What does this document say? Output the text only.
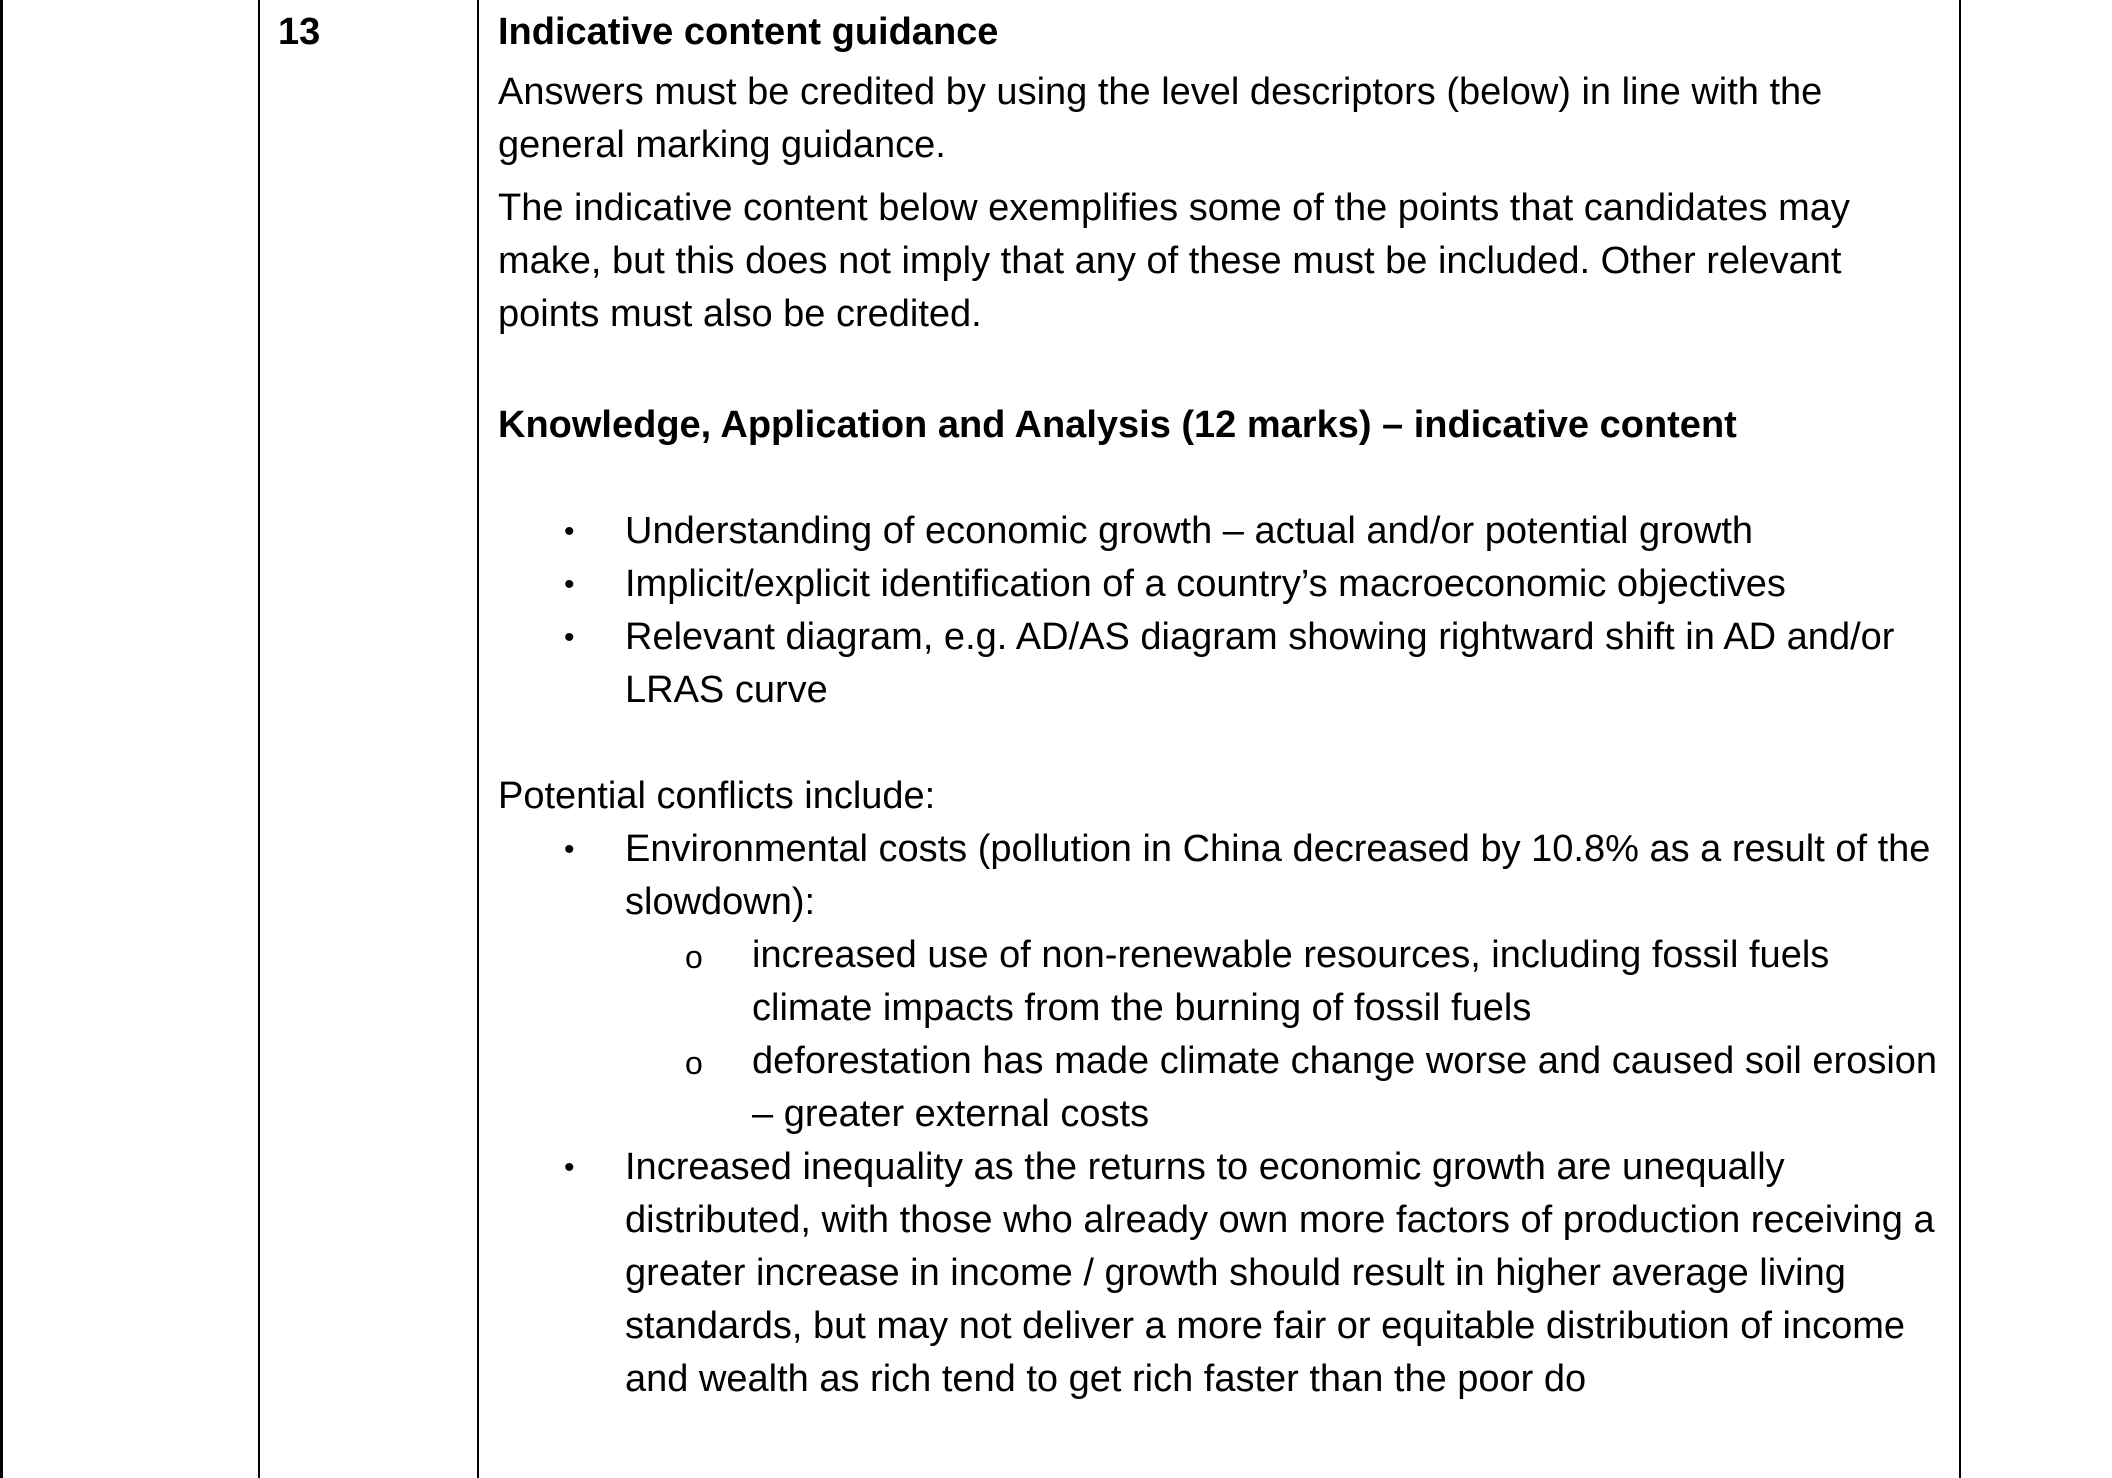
13	Indicative content guidance

Answers must be credited by using the level descriptors (below) in line with the general marking guidance.

The indicative content below exemplifies some of the points that candidates may make, but this does not imply that any of these must be included. Other relevant points must also be credited.

Knowledge, Application and Analysis (12 marks) – indicative content

• Understanding of economic growth – actual and/or potential growth
• Implicit/explicit identification of a country’s macroeconomic objectives
• Relevant diagram, e.g. AD/AS diagram showing rightward shift in AD and/or LRAS curve

Potential conflicts include:

• Environmental costs (pollution in China decreased by 10.8% as a result of the slowdown):
o increased use of non-renewable resources, including fossil fuels climate impacts from the burning of fossil fuels
o deforestation has made climate change worse and caused soil erosion – greater external costs
• Increased inequality as the returns to economic growth are unequally distributed, with those who already own more factors of production receiving a greater increase in income / growth should result in higher average living standards, but may not deliver a more fair or equitable distribution of income and wealth as rich tend to get rich faster than the poor do
